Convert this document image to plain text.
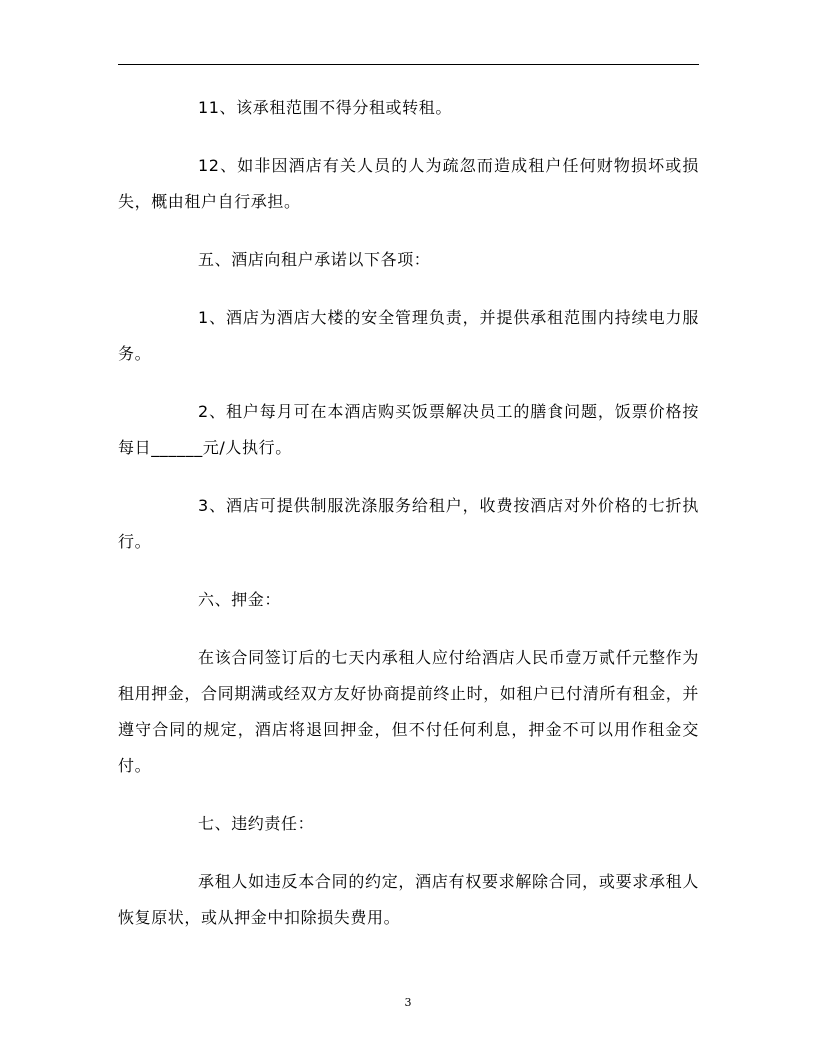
11、该承租范围不得分租或转租。

12、如非因酒店有关人员的人为疏忽而造成租户任何财物损坏或损失，概由租户自行承担。

五、酒店向租户承诺以下各项：

1、酒店为酒店大楼的安全管理负责，并提供承租范围内持续电力服务。

2、租户每月可在本酒店购买饭票解决员工的膳食问题，饭票价格按每日______元/人执行。

3、酒店可提供制服洗涤服务给租户，收费按酒店对外价格的七折执行。

六、押金：

在该合同签订后的七天内承租人应付给酒店人民币壹万贰仟元整作为租用押金，合同期满或经双方友好协商提前终止时，如租户已付清所有租金，并遵守合同的规定，酒店将退回押金，但不付任何利息，押金不可以用作租金交付。

七、违约责任：

承租人如违反本合同的约定，酒店有权要求解除合同，或要求承租人恢复原状，或从押金中扣除损失费用。

3
